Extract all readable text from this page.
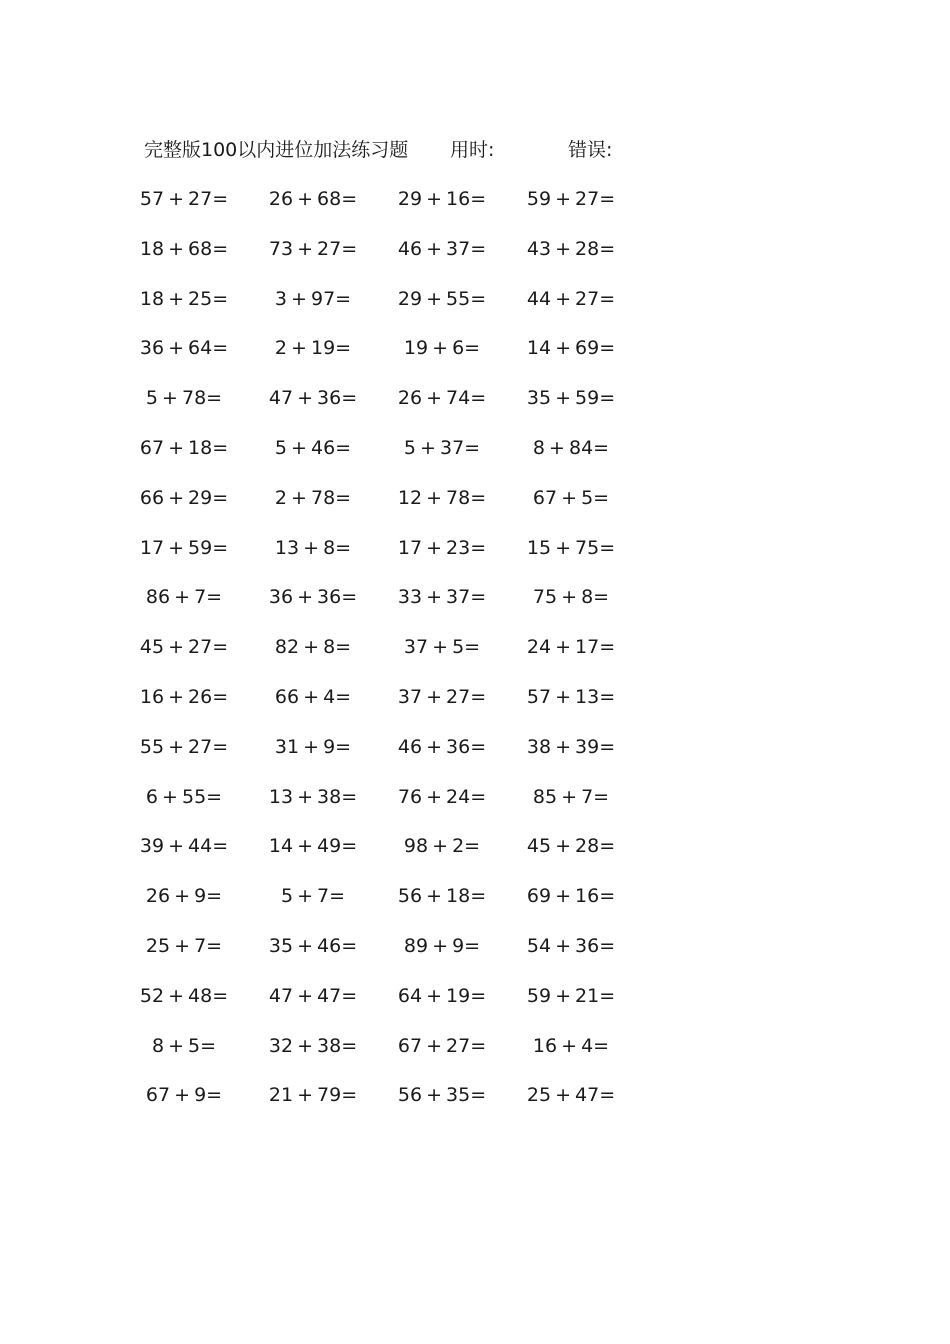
完整版100以内进位加法练习题 用时:	错误:
57 + 27=	26 + 68=	29 + 16=	59 + 27=
18 + 68=	73 + 27=	46 + 37=	43 + 28=
18 + 25=	3 + 97=	29 + 55=	44 + 27=
36 + 64=	2 + 19=	19 + 6=	14 + 69=
5 + 78=	47 + 36=	26 + 74=	35 + 59=
67 + 18=	5 + 46=	5 + 37=	8 + 84=
66 + 29=	2 + 78=	12 + 78=	67 + 5=
17 + 59=	13 + 8=	17 + 23=	15 + 75=
86 + 7=	36 + 36=	33 + 37=	75 + 8=
45 + 27=	82 + 8=	37 + 5=	24 + 17=
16 + 26=	66 + 4=	37 + 27=	57 + 13=
55 + 27=	31 + 9=	46 + 36=	38 + 39=
6 + 55=	13 + 38=	76 + 24=	85 + 7=
39 + 44=	14 + 49=	98 + 2=	45 + 28=
26 + 9=	5 + 7=	56 + 18=	69 + 16=
25 + 7=	35 + 46=	89 + 9=	54 + 36=
52 + 48=	47 + 47=	64 + 19=	59 + 21=
8 + 5=	32 + 38=	67 + 27=	16 + 4=
67 + 9=	21 + 79=	56 + 35=	25 + 47=
